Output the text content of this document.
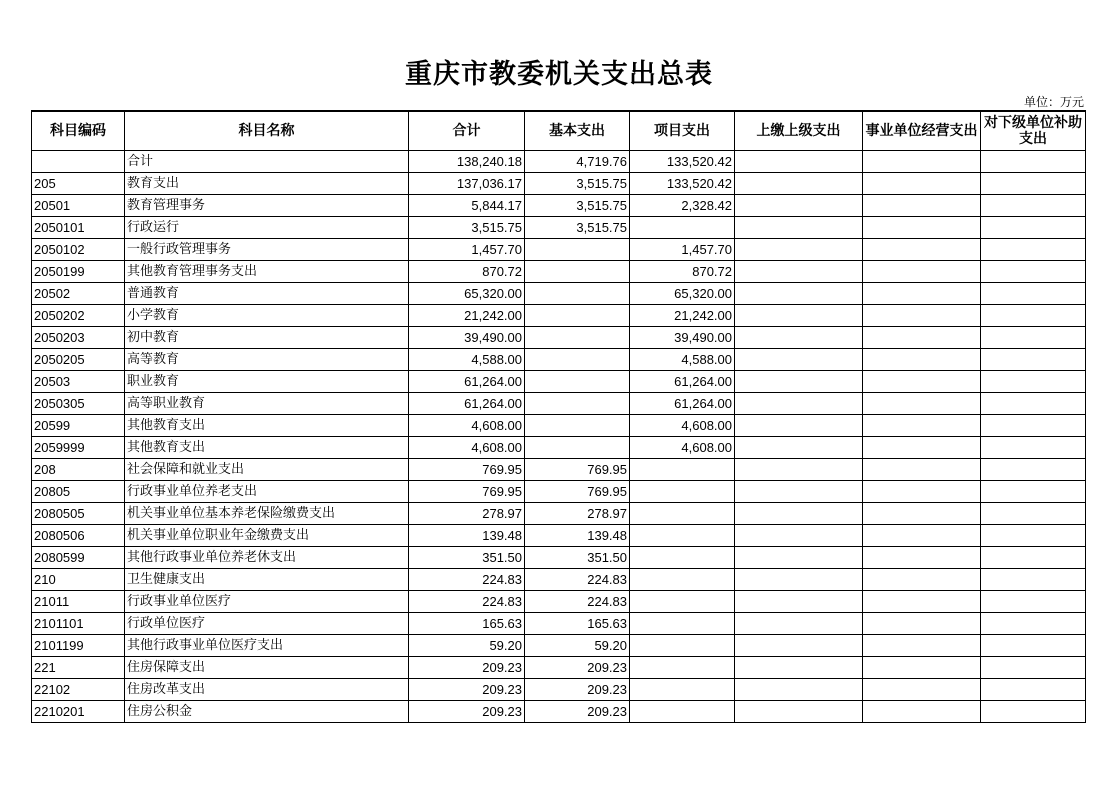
重庆市教委机关支出总表
单位：万元
科目编码	科目名称	合计	基本支出	项目支出	上缴上级支出	事业单位经营支出	对下级单位补助支出
	合计	138,240.18	4,719.76	133,520.42			
205	教育支出	137,036.17	3,515.75	133,520.42			
20501	教育管理事务	5,844.17	3,515.75	2,328.42			
2050101	行政运行	3,515.75	3,515.75				
2050102	一般行政管理事务	1,457.70		1,457.70			
2050199	其他教育管理事务支出	870.72		870.72			
20502	普通教育	65,320.00		65,320.00			
2050202	小学教育	21,242.00		21,242.00			
2050203	初中教育	39,490.00		39,490.00			
2050205	高等教育	4,588.00		4,588.00			
20503	职业教育	61,264.00		61,264.00			
2050305	高等职业教育	61,264.00		61,264.00			
20599	其他教育支出	4,608.00		4,608.00			
2059999	其他教育支出	4,608.00		4,608.00			
208	社会保障和就业支出	769.95	769.95				
20805	行政事业单位养老支出	769.95	769.95				
2080505	机关事业单位基本养老保险缴费支出	278.97	278.97				
2080506	机关事业单位职业年金缴费支出	139.48	139.48				
2080599	其他行政事业单位养老休支出	351.50	351.50				
210	卫生健康支出	224.83	224.83				
21011	行政事业单位医疗	224.83	224.83				
2101101	行政单位医疗	165.63	165.63				
2101199	其他行政事业单位医疗支出	59.20	59.20				
221	住房保障支出	209.23	209.23				
22102	住房改革支出	209.23	209.23				
2210201	住房公积金	209.23	209.23				
